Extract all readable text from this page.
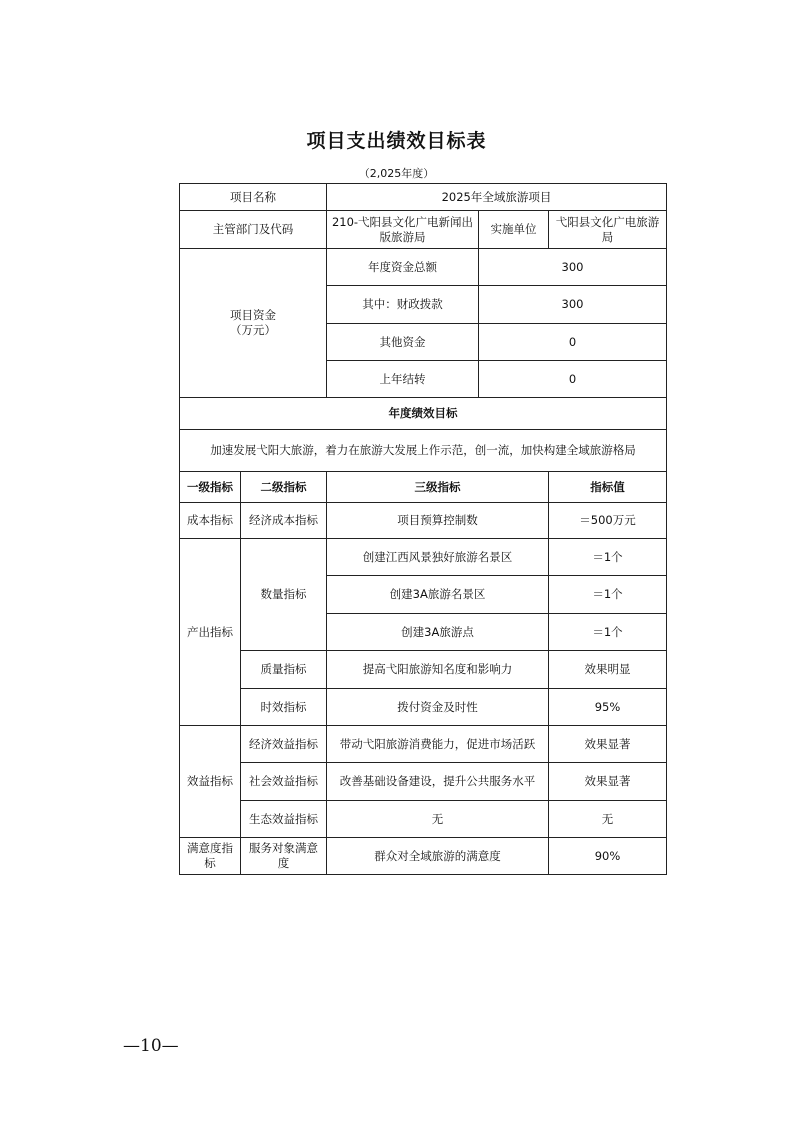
项目支出绩效目标表
（2,025年度）
项目名称		2025年全域旅游项目		
主管部门及代码		210-弋阳县文化广电新闻出版旅游局	实施单位	弋阳县文化广电旅游局
项目资金
（万元）		年度资金总额	300	
		其中：财政拨款	300	
		其他资金	0	
		上年结转	0	
年度绩效目标				
加速发展弋阳大旅游，着力在旅游大发展上作示范，创一流，加快构建全域旅游格局				
一级指标	二级指标	三级指标		指标值
成本指标	经济成本指标	项目预算控制数		＝500万元
产出指标	数量指标	创建江西风景独好旅游名景区		＝1个
		创建3A旅游名景区		＝1个
		创建3A旅游点		＝1个
	质量指标	提高弋阳旅游知名度和影响力		效果明显
	时效指标	拨付资金及时性		95%
效益指标	经济效益指标	带动弋阳旅游消费能力，促进市场活跃		效果显著
	社会效益指标	改善基础设备建设，提升公共服务水平		效果显著
	生态效益指标	无		无
满意度指标	服务对象满意度	群众对全域旅游的满意度		90%
—10—
